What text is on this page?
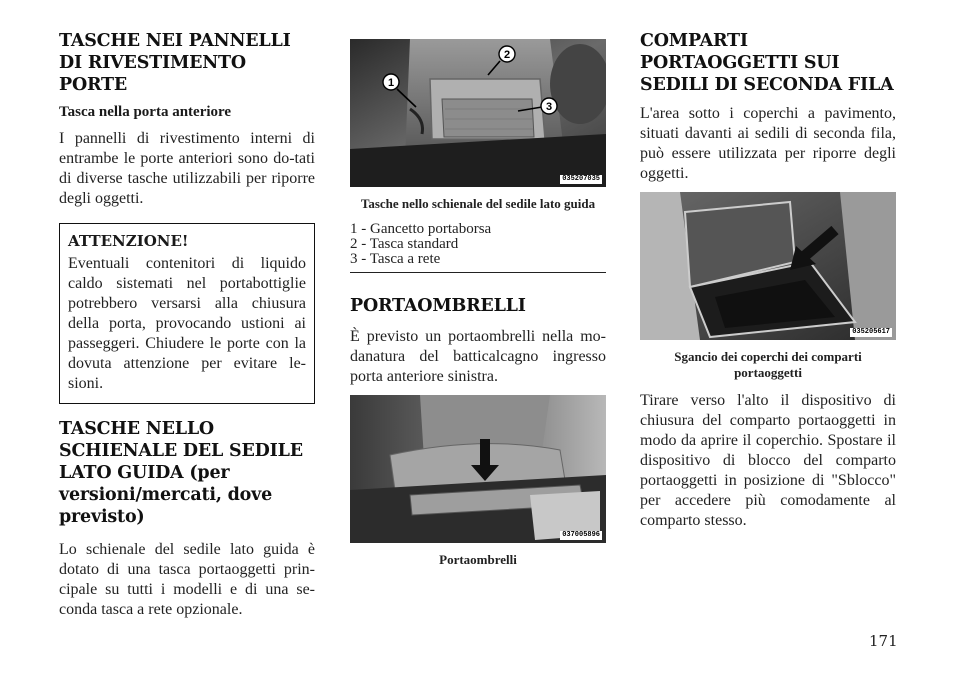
TASCHE NEI PANNELLI DI RIVESTIMENTO PORTE
Tasca nella porta anteriore

I pannelli di rivestimento interni di entrambe le porte anteriori sono do-tati di diverse tasche utilizzabili per riporre degli oggetti.

ATTENZIONE!

Eventuali contenitori di liquido caldo sistemati nel portabottiglie potrebbero versarsi alla chiusura della porta, provocando ustioni ai passeggeri. Chiudere le porte con la dovuta attenzione per evitare le-sioni.

TASCHE NELLO SCHIENALE DEL SEDILE LATO GUIDA (per versioni/mercati, dove previsto)

Lo schienale del sedile lato guida è dotato di una tasca portaoggetti prin-cipale su tutti i modelli e di una se-conda tasca a rete opzionale.

1
2
3
035207035
Tasche nello schienale del sedile lato guida
1 - Gancetto portaborsa
2 - Tasca standard
3 - Tasca a rete
PORTAOMBRELLI

È previsto un portaombrelli nella mo-danatura del batticalcagno ingresso porta anteriore sinistra.

037005896
Portaombrelli
COMPARTI PORTAOGGETTI SUI SEDILI DI SECONDA FILA

L'area sotto i coperchi a pavimento, situati davanti ai sedili di seconda fila, può essere utilizzata per riporre degli oggetti.

035205617
Sgancio dei coperchi dei comparti portaoggetti

Tirare verso l'alto il dispositivo di chiusura del comparto portaoggetti in modo da aprire il coperchio. Spostare il dispositivo di blocco del comparto portaoggetti in posizione di "Sblocco" per accedere più comodamente al comparto stesso.

171
